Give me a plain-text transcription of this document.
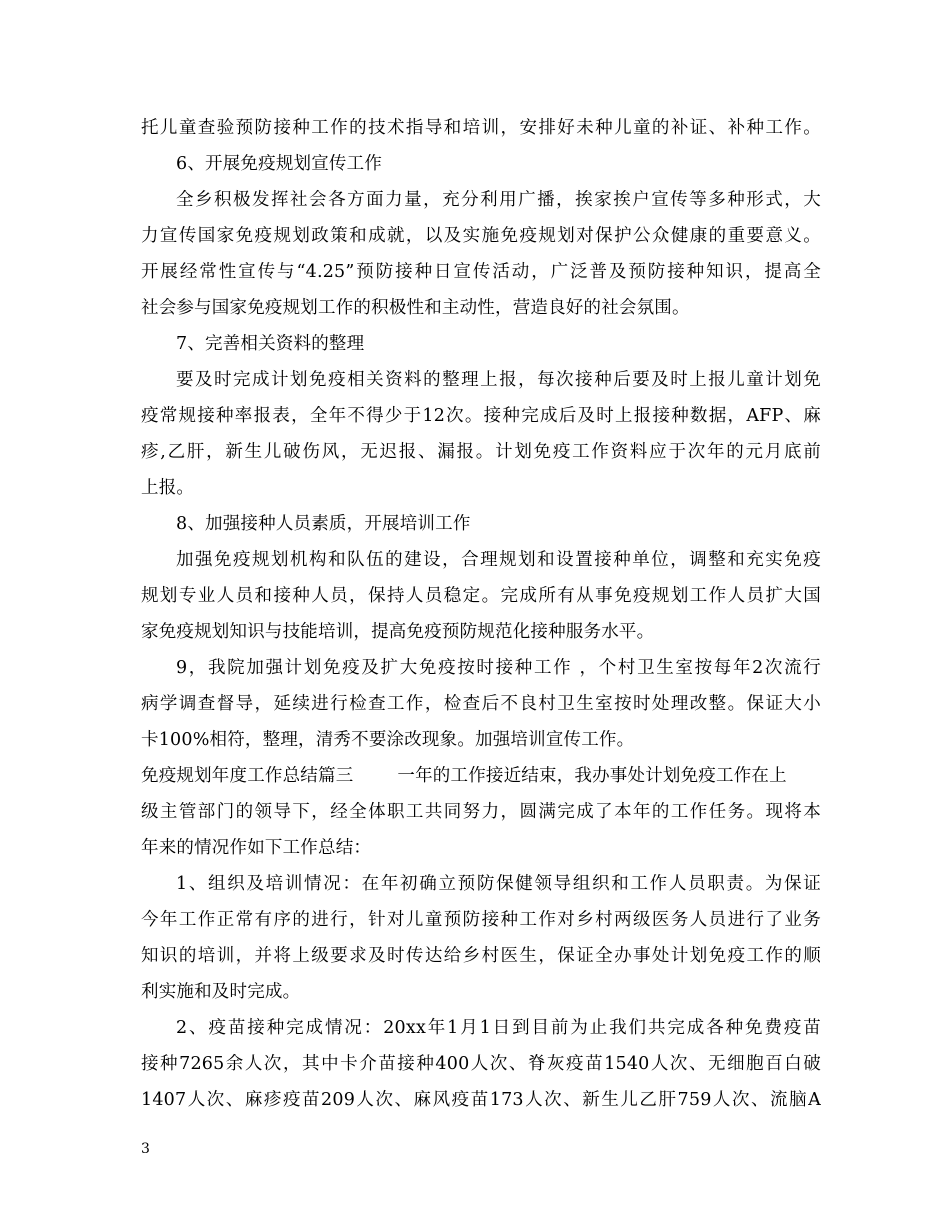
托儿童查验预防接种工作的技术指导和培训，安排好未种儿童的补证、补种工作。
6、开展免疫规划宣传工作
全乡积极发挥社会各方面力量，充分利用广播，挨家挨户宣传等多种形式，大
力宣传国家免疫规划政策和成就，以及实施免疫规划对保护公众健康的重要意义。
开展经常性宣传与“4.25”预防接种日宣传活动，广泛普及预防接种知识，提高全
社会参与国家免疫规划工作的积极性和主动性，营造良好的社会氛围。
7、完善相关资料的整理
要及时完成计划免疫相关资料的整理上报，每次接种后要及时上报儿童计划免
疫常规接种率报表，全年不得少于12次。接种完成后及时上报接种数据，AFP、麻
疹,乙肝，新生儿破伤风，无迟报、漏报。计划免疫工作资料应于次年的元月底前
上报。
8、加强接种人员素质，开展培训工作
加强免疫规划机构和队伍的建设，合理规划和设置接种单位，调整和充实免疫
规划专业人员和接种人员，保持人员稳定。完成所有从事免疫规划工作人员扩大国
家免疫规划知识与技能培训，提高免疫预防规范化接种服务水平。
9，我院加强计划免疫及扩大免疫按时接种工作 ，个村卫生室按每年2次流行
病学调查督导，延续进行检查工作，检查后不良村卫生室按时处理改整。保证大小
卡100%相符，整理，清秀不要涂改现象。加强培训宣传工作。
免疫规划年度工作总结篇三	一年的工作接近结束，我办事处计划免疫工作在上
级主管部门的领导下，经全体职工共同努力，圆满完成了本年的工作任务。现将本
年来的情况作如下工作总结：
1、组织及培训情况：在年初确立预防保健领导组织和工作人员职责。为保证
今年工作正常有序的进行，针对儿童预防接种工作对乡村两级医务人员进行了业务
知识的培训，并将上级要求及时传达给乡村医生，保证全办事处计划免疫工作的顺
利实施和及时完成。
2、疫苗接种完成情况：20xx年1月1日到目前为止我们共完成各种免费疫苗
接种7265余人次，其中卡介苗接种400人次、脊灰疫苗1540人次、无细胞百白破
1407人次、麻疹疫苗209人次、麻风疫苗173人次、新生儿乙肝759人次、流脑A
3
